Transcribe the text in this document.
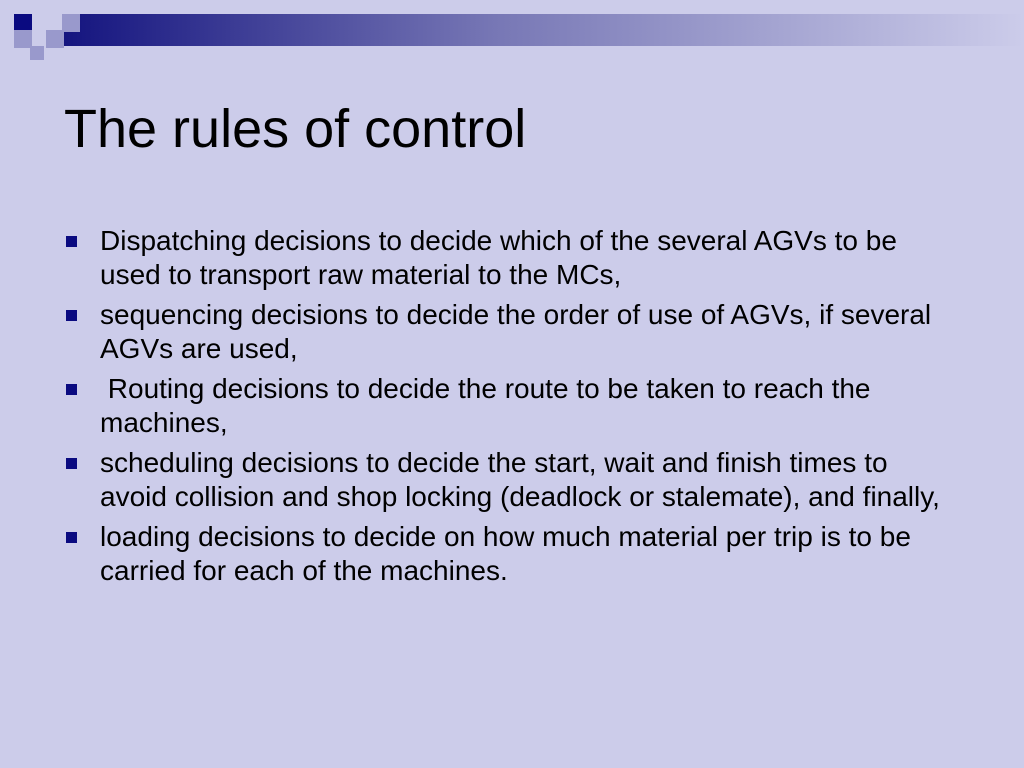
The rules of control
Dispatching decisions to decide which of the several AGVs to be used to transport raw material to the MCs,
sequencing decisions to decide the order of use of AGVs, if several AGVs are used,
Routing decisions to decide the route to be taken to reach the machines,
scheduling decisions to decide the start, wait and finish times to avoid collision and shop locking (deadlock or stalemate), and finally,
loading decisions to decide on how much material per trip is to be carried for each of the machines.
